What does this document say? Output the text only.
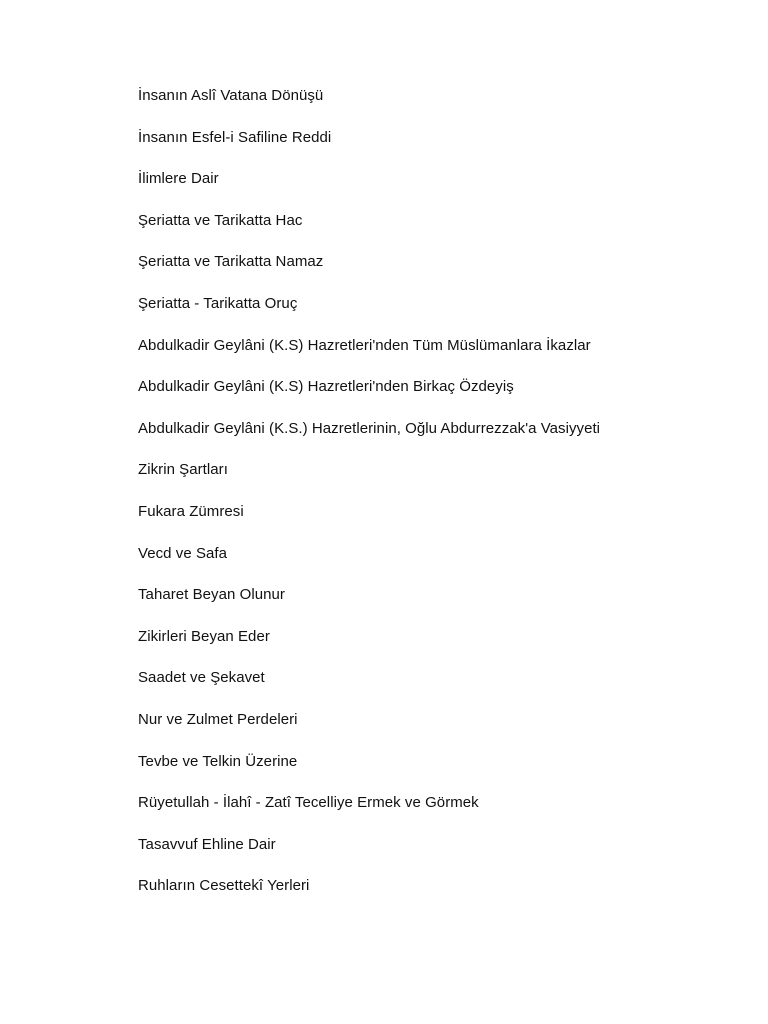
İnsanın Aslî Vatana Dönüşü
İnsanın Esfel-i Safiline Reddi
İlimlere Dair
Şeriatta ve Tarikatta Hac
Şeriatta ve Tarikatta Namaz
Şeriatta - Tarikatta Oruç
Abdulkadir Geylâni (K.S) Hazretleri'nden Tüm Müslümanlara İkazlar
Abdulkadir Geylâni (K.S) Hazretleri'nden Birkaç Özdeyiş
Abdulkadir Geylâni (K.S.) Hazretlerinin, Oğlu Abdurrezzak'a Vasiyyeti
Zikrin Şartları
Fukara Zümresi
Vecd ve Safa
Taharet Beyan Olunur
Zikirleri Beyan Eder
Saadet ve Şekavet
Nur ve Zulmet Perdeleri
Tevbe ve Telkin Üzerine
Rüyetullah - İlahî - Zatî Tecelliye Ermek ve Görmek
Tasavvuf Ehline Dair
Ruhların Cesettekî Yerleri
